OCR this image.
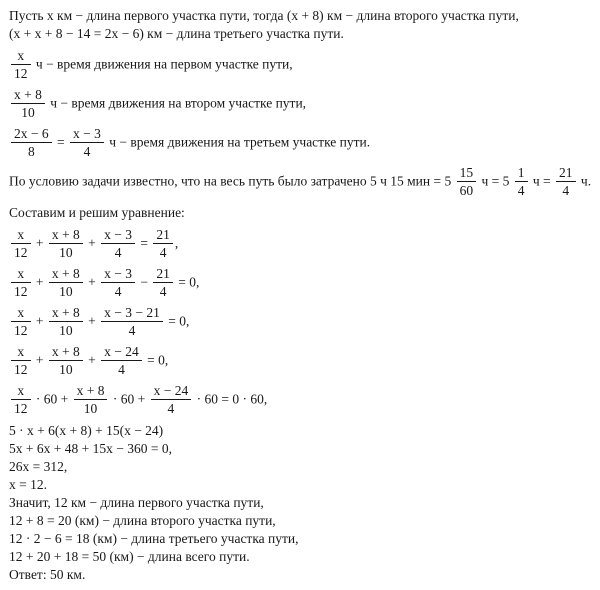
Пусть x км − длина первого участка пути, тогда (x + 8) км − длина второго участка пути,
(x + x + 8 − 14 = 2x − 6) км − длина третьего участка пути.
$\frac{x}{12}$ ч − время движения на первом участке пути,
$\frac{x + 8}{10}$ ч − время движения на втором участке пути,
$\frac{2x - 6}{8} = \frac{x - 3}{4}$ ч − время движения на третьем участке пути.
По условию задачи известно, что на весь путь было затрачено 5 ч 15 мин = $5 \frac{15}{60}$ $ч = 5 \frac{1}{4}$ $ч = \frac{21}{4} ч$.
Составим и решим уравнение:
$\frac{x}{12} + \frac{x + 8}{10} + \frac{x - 3}{4} = \frac{21}{4}$ ,
$\frac{x}{12} + \frac{x + 8}{10} + \frac{x - 3}{4} - \frac{21}{4} = 0$,
$\frac{x}{12} + \frac{x + 8}{10} + \frac{x - 3 - 21}{4} = 0$,
$\frac{x}{12} + \frac{x + 8}{10} + \frac{x - 24}{4} = 0$,
$\frac{x}{12} \cdot 60 + \frac{x + 8}{10} \cdot 60 + \frac{x - 24}{4} \cdot 60 = 0 \cdot 60$,
5 · x + 6(x + 8) + 15(x − 24)
5x + 6x + 48 + 15x − 360 = 0,
26x = 312,
x = 12.
Значит, 12 км − длина первого участка пути,
12 + 8 = 20 (км) − длина второго участка пути,
12 · 2 − 6 = 18 (км) − длина третьего участка пути,
12 + 20 + 18 = 50 (км) − длина всего пути.
Ответ: 50 км.
